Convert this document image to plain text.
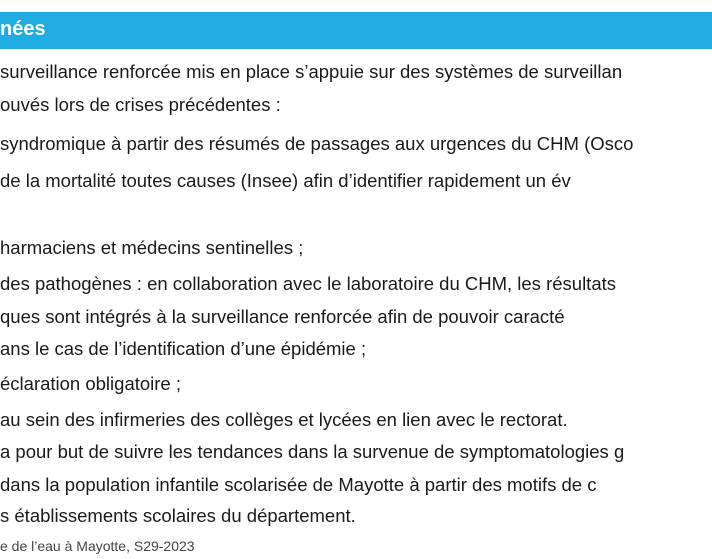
nées
surveillance renforcée mis en place s’appuie sur des systèmes de surveillan
ouvés lors de crises précédentes :
syndromique à partir des résumés de passages aux urgences du CHM (Osco
de la mortalité toutes causes (Insee) afin d’identifier rapidement un év
harmaciens et médecins sentinelles ;
des pathogènes : en collaboration avec le laboratoire du CHM, les résultats
ques sont intégrés à la surveillance renforcée afin de pouvoir caracté
ans le cas de l’identification d’une épidémie ;
éclaration obligatoire ;
au sein des infirmeries des collèges et lycées en lien avec le rectorat.
a pour but de suivre les tendances dans la survenue de symptomatologies g
dans la population infantile scolarisée de Mayotte à partir des motifs de c
s établissements scolaires du département.
e de l’eau à Mayotte, S29-2023
